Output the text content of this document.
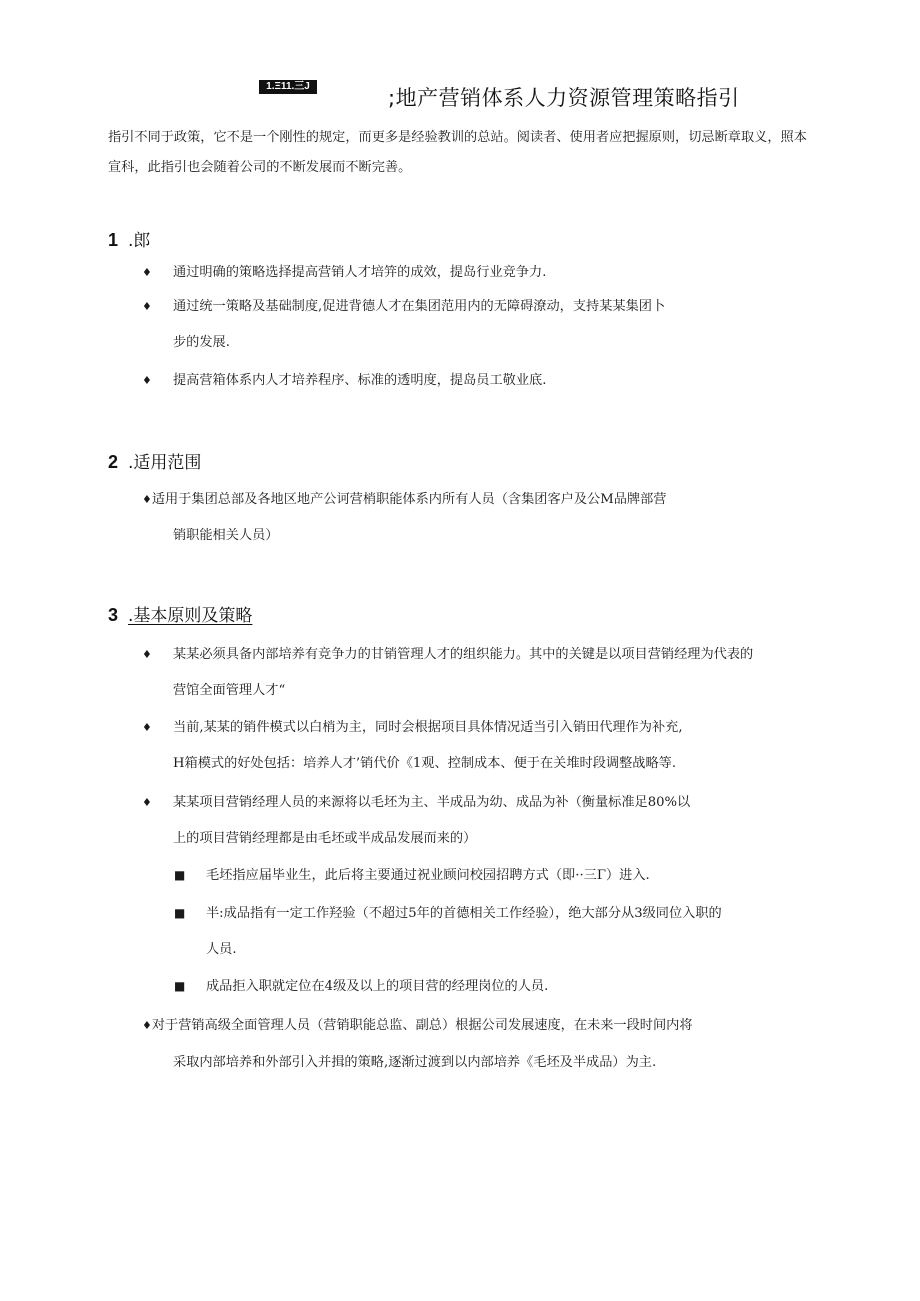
1.Ξ11.三J	;地产营销体系人力资源管理策略指引
指引不同于政策，它不是一个刚性的规定，而更多是经验教训的总站。阅读者、使用者应把握原则，切忌断章取义，照本宣科，此指引也会随着公司的不断发展而不断完善。
1 .郎
♦ 通过明确的策略选择提高营销人才培笄的成效，提岛行业竞争力.
♦ 通过统一策略及基础制度,促进背德人才在集团范用内的无障碍潦动，支持某某集团卜
步的发展.
♦ 提高营箱体系内人才培养程序、标准的透明度，提岛员工敬业底.
2 .适用范围
♦适用于集团总部及各地区地产公诃营梢职能体系内所有人员（含集团客户及公M品牌部营
销职能相关人员）
3 .基本原则及策略
♦ 某某必须具备内部培养有竞争力的甘销管理人才的组织能力。其中的关键是以项目营销经理为代表的
营馆全面管理人才“
♦ 当前,某某的销件模式以白梢为主，同时会根据项目具体情况适当引入销田代理作为补充,
H箱模式的好处包括：培养人才’销代价《1观、控制成本、便于在关堆时段调整战略等.
♦ 某某项目营销经理人员的来源将以毛坯为主、半成品为幼、成品为补（衡量标准足80%以
上的项目营销经理都是由毛坯或半成品发展而来的）
■ 毛坯指应届毕业生，此后将主要通过祝业顾问校园招聘方式（即··三Γ）进入.
■ 半:成品指有一定工作羟验（不超过5年的首德相关工作经验），绝大部分从3级同位入职的
人员.
■ 成品拒入职就定位在4级及以上的项目营的经理岗位的人员.
♦对于营销高级全面管理人员（营销职能总监、副总）根据公司发展速度，在未来一段时间内将
采取内部培养和外部引入并揖的策略,逐渐过渡到以内部培养《毛坯及半成品）为主.
